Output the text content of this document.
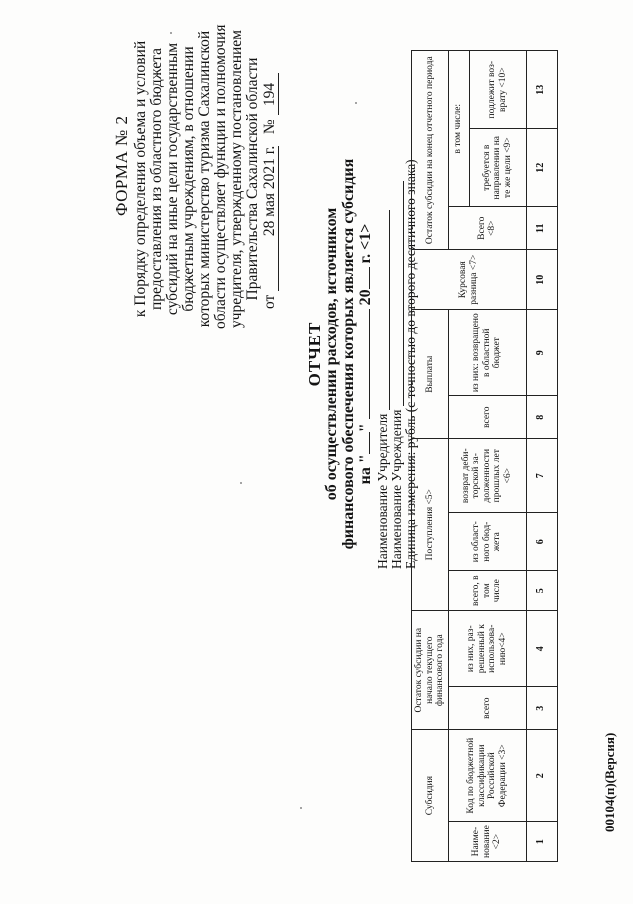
ФОРМА № 2 к Порядку определения объема и условий предоставления из областного бюджета субсидий на иные цели государственным бюджетным учреждениям, в отношении которых министерство туризма Сахалинской области осуществляет функции и полномочия учредителя, утвержденному постановлением Правительства Сахалинской области
от 28 мая 2021 г.   № 194
ОТЧЕТ об осуществлении расходов, источником финансового обеспечения которых является субсидия на "
"  20 г. <1>
Наименование Учредителя Наименование Учреждения Единица измерения: рубль (с точностью до второго десятичного знака)
Субсидия		Остаток субсидии на начало текущего финансового года		Поступления <5>			Выплаты		Курсовая разница <7>	Остаток субсидии на конец отчетного периода		
Наименование <2>	Код по бюджетной классификации Российской Федерации <3>	всего	из них, разрешенный к использованию<4>	всего, в том числе	из областного бюджета	возврат дебиторской задолженности прошлых лет <6>	всего	из них: возвращено в областной бюджет		Всего <8>	в том числе:	
											требуется в направлении на те же цели <9>	подлежит возврату <10>
1	2	3	4	5	6	7	8	9	10	11	12	13
00104(п)(Версия)
